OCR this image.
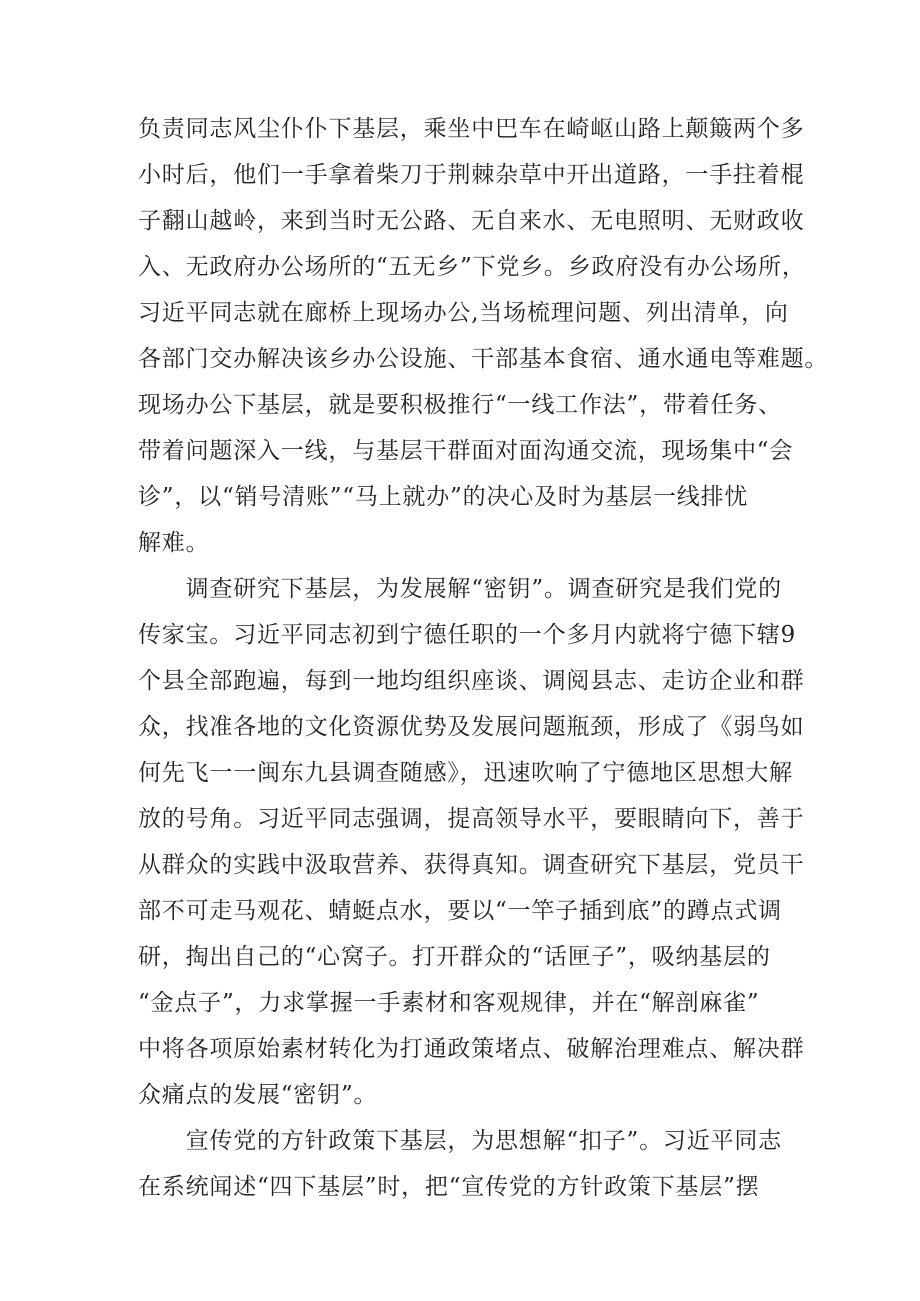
负责同志风尘仆仆下基层，乘坐中巴车在崎岖山路上颠簸两个多
小时后，他们一手拿着柴刀于荆棘杂草中开出道路，一手拄着棍
子翻山越岭，来到当时无公路、无自来水、无电照明、无财政收
入、无政府办公场所的“五无乡”下党乡。乡政府没有办公场所，
习近平同志就在廊桥上现场办公,当场梳理问题、列出清单，向
各部门交办解决该乡办公设施、干部基本食宿、通水通电等难题。
现场办公下基层，就是要积极推行“一线工作法”，带着任务、
带着问题深入一线，与基层干群面对面沟通交流，现场集中“会
诊”，以“销号清账”“马上就办”的决心及时为基层一线排忧
解难。
　　调查研究下基层，为发展解“密钥”。调查研究是我们党的
传家宝。习近平同志初到宁德任职的一个多月内就将宁德下辖9
个县全部跑遍，每到一地均组织座谈、调阅县志、走访企业和群
众，找准各地的文化资源优势及发展问题瓶颈，形成了《弱鸟如
何先飞一一闽东九县调查随感》，迅速吹响了宁德地区思想大解
放的号角。习近平同志强调，提高领导水平，要眼睛向下，善于
从群众的实践中汲取营养、获得真知。调查研究下基层，党员干
部不可走马观花、蜻蜓点水，要以“一竿子插到底”的蹲点式调
研，掏出自己的“心窝子。打开群众的“话匣子”，吸纳基层的
“金点子”，力求掌握一手素材和客观规律，并在“解剖麻雀”
中将各项原始素材转化为打通政策堵点、破解治理难点、解决群
众痛点的发展“密钥”。
　　宣传党的方针政策下基层，为思想解“扣子”。习近平同志
在系统闻述“四下基层”时，把“宣传党的方针政策下基层”摆
